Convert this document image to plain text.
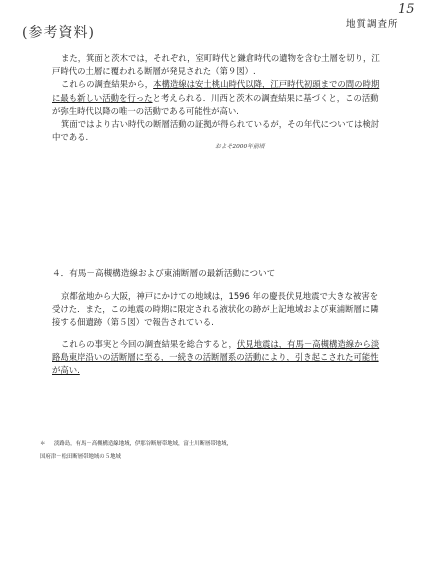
(参考資料)
15
地質調査所

また，箕面と茨木では，それぞれ，室町時代と鎌倉時代の遺物を含む土層を切り，江戸時代の土層に覆われる断層が発見された（第９図）.

これらの調査結果から，本構造線は安土桃山時代以降，江戸時代初頭までの間の時期に最も新しい活動を行ったと考えられる．川西と茨木の調査結果に基づくと，この活動が弥生時代以降の唯一の活動である可能性が高い.

箕面ではより古い時代の断層活動の証拠が得られているが，その年代については検討中である.

およそ2000年前頃

４．有馬－高槻構造線および東浦断層の最新活動について

京都盆地から大阪，神戸にかけての地域は，1596 年の慶長伏見地震で大きな被害を受けた．また，この地震の時期に限定される液状化の跡が上記地域および東浦断層に隣接する佃遺跡（第５図）で報告されている.

これらの事実と今回の調査結果を総合すると，伏見地震は，有馬－高槻構造線から淡路島東岸沿いの活断層に至る，一続きの活断層系の活動により，引き起こされた可能性が高い.

＊ 淡路島，有馬－高槻構造線地域，伊那谷断層帯地域，富士川断層帯地域，
国府津－松田断層帯地域の５地域
